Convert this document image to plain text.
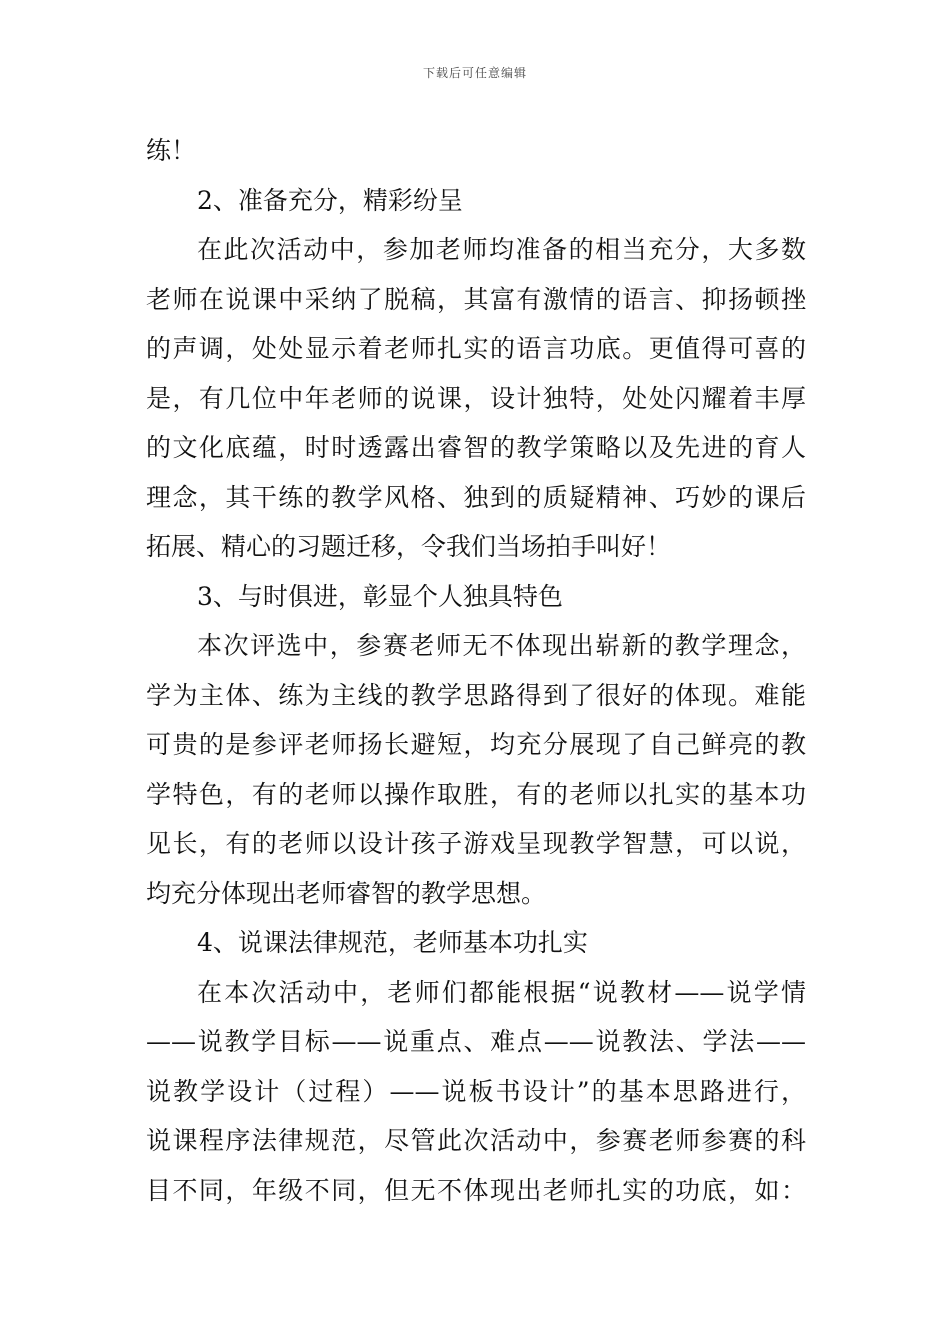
下载后可任意编辑
练！
2、准备充分，精彩纷呈
在此次活动中，参加老师均准备的相当充分，大多数
老师在说课中采纳了脱稿，其富有激情的语言、抑扬顿挫
的声调，处处显示着老师扎实的语言功底。更值得可喜的
是，有几位中年老师的说课，设计独特，处处闪耀着丰厚
的文化底蕴，时时透露出睿智的教学策略以及先进的育人
理念，其干练的教学风格、独到的质疑精神、巧妙的课后
拓展、精心的习题迁移，令我们当场拍手叫好！
3、与时俱进，彰显个人独具特色
本次评选中，参赛老师无不体现出崭新的教学理念，
学为主体、练为主线的教学思路得到了很好的体现。难能
可贵的是参评老师扬长避短，均充分展现了自己鲜亮的教
学特色，有的老师以操作取胜，有的老师以扎实的基本功
见长，有的老师以设计孩子游戏呈现教学智慧，可以说，
均充分体现出老师睿智的教学思想。
4、说课法律规范，老师基本功扎实
在本次活动中，老师们都能根据“说教材——说学情
——说教学目标——说重点、难点——说教法、学法——
说教学设计（过程）——说板书设计”的基本思路进行，
说课程序法律规范，尽管此次活动中，参赛老师参赛的科
目不同，年级不同，但无不体现出老师扎实的功底，如：
